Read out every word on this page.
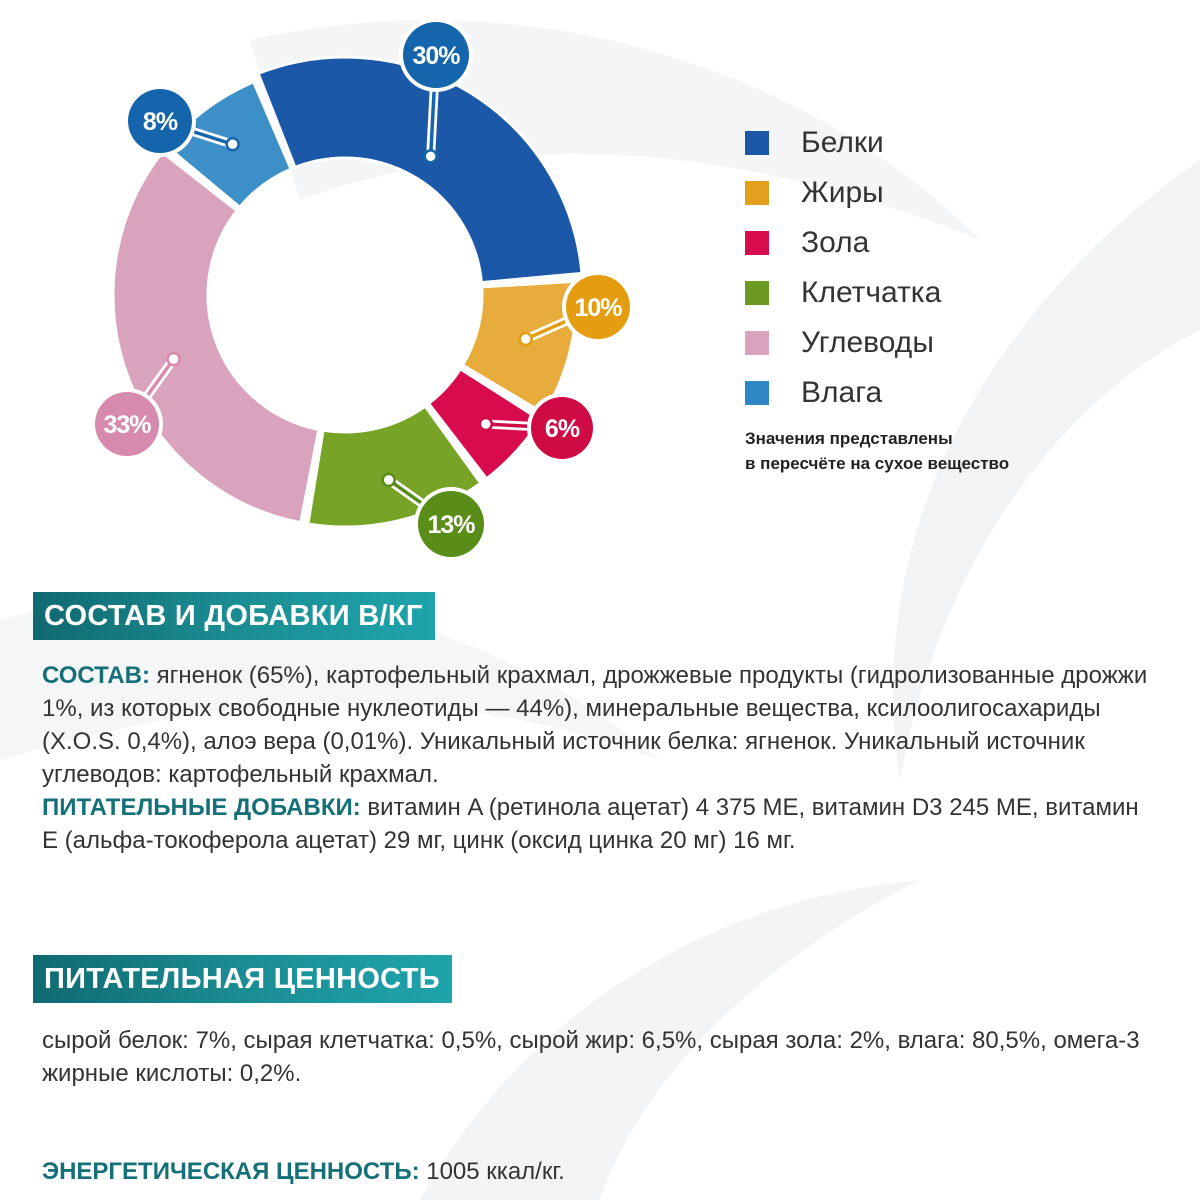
30%
10%
6%
13%
33%
8%
Белки
Жиры
Зола
Клетчатка
Углеводы
Влага
Значения представлены
в пересчёте на сухое вещество
СОСТАВ И ДОБАВКИ В/КГ

СОСТАВ: ягненок (65%), картофельный крахмал, дрожжевые продукты (гидролизованные дрожжи 1%, из которых свободные нуклеотиды — 44%), минеральные вещества, ксилоолигосахариды (X.O.S. 0,4%), алоэ вера (0,01%). Уникальный источник белка: ягненок. Уникальный источник углеводов: картофельный крахмал.

ПИТАТЕЛЬНЫЕ ДОБАВКИ: витамин A (ретинола ацетат) 4 375 МЕ, витамин D3 245 МЕ, витамин E (альфа-токоферола ацетат) 29 мг, цинк (оксид цинка 20 мг) 16 мг.

ПИТАТЕЛЬНАЯ ЦЕННОСТЬ

сырой белок: 7%, сырая клетчатка: 0,5%, сырой жир: 6,5%, сырая зола: 2%, влага: 80,5%, омега-3 жирные кислоты: 0,2%.

ЭНЕРГЕТИЧЕСКАЯ ЦЕННОСТЬ: 1005 ккал/кг.
